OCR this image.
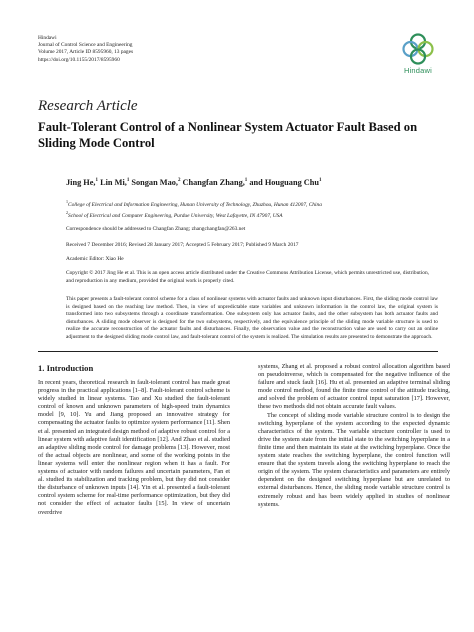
Hindawi
Journal of Control Science and Engineering
Volume 2017, Article ID 8595960, 13 pages
https://doi.org/10.1155/2017/8595960
Hindawi
Research Article
Fault-Tolerant Control of a Nonlinear System Actuator Fault Based on Sliding Mode Control
Jing He,$^1$ Lin Mi,$^1$ Songan Mao,$^2$ Changfan Zhang,$^1$ and Houguang Chu$^1$
$^1$College of Electrical and Information Engineering, Hunan University of Technology, Zhuzhou, Hunan 412007, China
$^2$School of Electrical and Computer Engineering, Purdue University, West Lafayette, IN 47907, USA
Correspondence should be addressed to Changfan Zhang; zhangchangfan@263.net
Received 7 December 2016; Revised 28 January 2017; Accepted 5 February 2017; Published 9 March 2017
Academic Editor: Xiao He
Copyright © 2017 Jing He et al. This is an open access article distributed under the Creative Commons Attribution License, which permits unrestricted use, distribution, and reproduction in any medium, provided the original work is properly cited.
This paper presents a fault-tolerant control scheme for a class of nonlinear systems with actuator faults and unknown input disturbances. First, the sliding mode control law is designed based on the reaching law method. Then, in view of unpredictable state variables and unknown information in the control law, the original system is transformed into two subsystems through a coordinate transformation. One subsystem only has actuator faults, and the other subsystem has both actuator faults and disturbances. A sliding mode observer is designed for the two subsystems, respectively, and the equivalence principle of the sliding mode variable structure is used to realize the accurate reconstruction of the actuator faults and disturbances. Finally, the observation value and the reconstruction value are used to carry out an online adjustment to the designed sliding mode control law, and fault-tolerant control of the system is realized. The simulation results are presented to demonstrate the approach.
1. Introduction

In recent years, theoretical research in fault-tolerant control has made great progress in the practical applications [1–8]. Fault-tolerant control scheme is widely studied in linear systems. Tao and Xu studied the fault-tolerant control of known and unknown parameters of high-speed train dynamics model [9, 10]. Yu and Jiang proposed an innovative strategy for compensating the actuator faults to optimize system performance [11]. Shen et al. presented an integrated design method of adaptive robust control for a linear system with adaptive fault identification [12]. And Zhao et al. studied an adaptive sliding mode control for damage problems [13]. However, most of the actual objects are nonlinear, and some of the working points in the linear systems will enter the nonlinear region when it has a fault. For systems of actuator with random failures and uncertain parameters, Fan et al. studied its stabilization and tracking problem, but they did not consider the disturbance of unknown inputs [14]. Yin et al. presented a fault-tolerant control system scheme for real-time performance optimization, but they did not consider the effect of actuator faults [15]. In view of uncertain overdrive

systems, Zhang et al. proposed a robust control allocation algorithm based on pseudoinverse, which is compensated for the negative influence of the failure and stuck fault [16]. Hu et al. presented an adaptive terminal sliding mode control method, found the finite time control of the attitude tracking, and solved the problem of actuator control input saturation [17]. However, these two methods did not obtain accurate fault values.

The concept of sliding mode variable structure control is to design the switching hyperplane of the system according to the expected dynamic characteristics of the system. The variable structure controller is used to drive the system state from the initial state to the switching hyperplane in a finite time and then maintain its state at the switching hyperplane. Once the system state reaches the switching hyperplane, the control function will ensure that the system travels along the switching hyperplane to reach the origin of the system. The system characteristics and parameters are entirely dependent on the designed switching hyperplane but are unrelated to external disturbances. Hence, the sliding mode variable structure control is extremely robust and has been widely applied in studies of nonlinear systems.
